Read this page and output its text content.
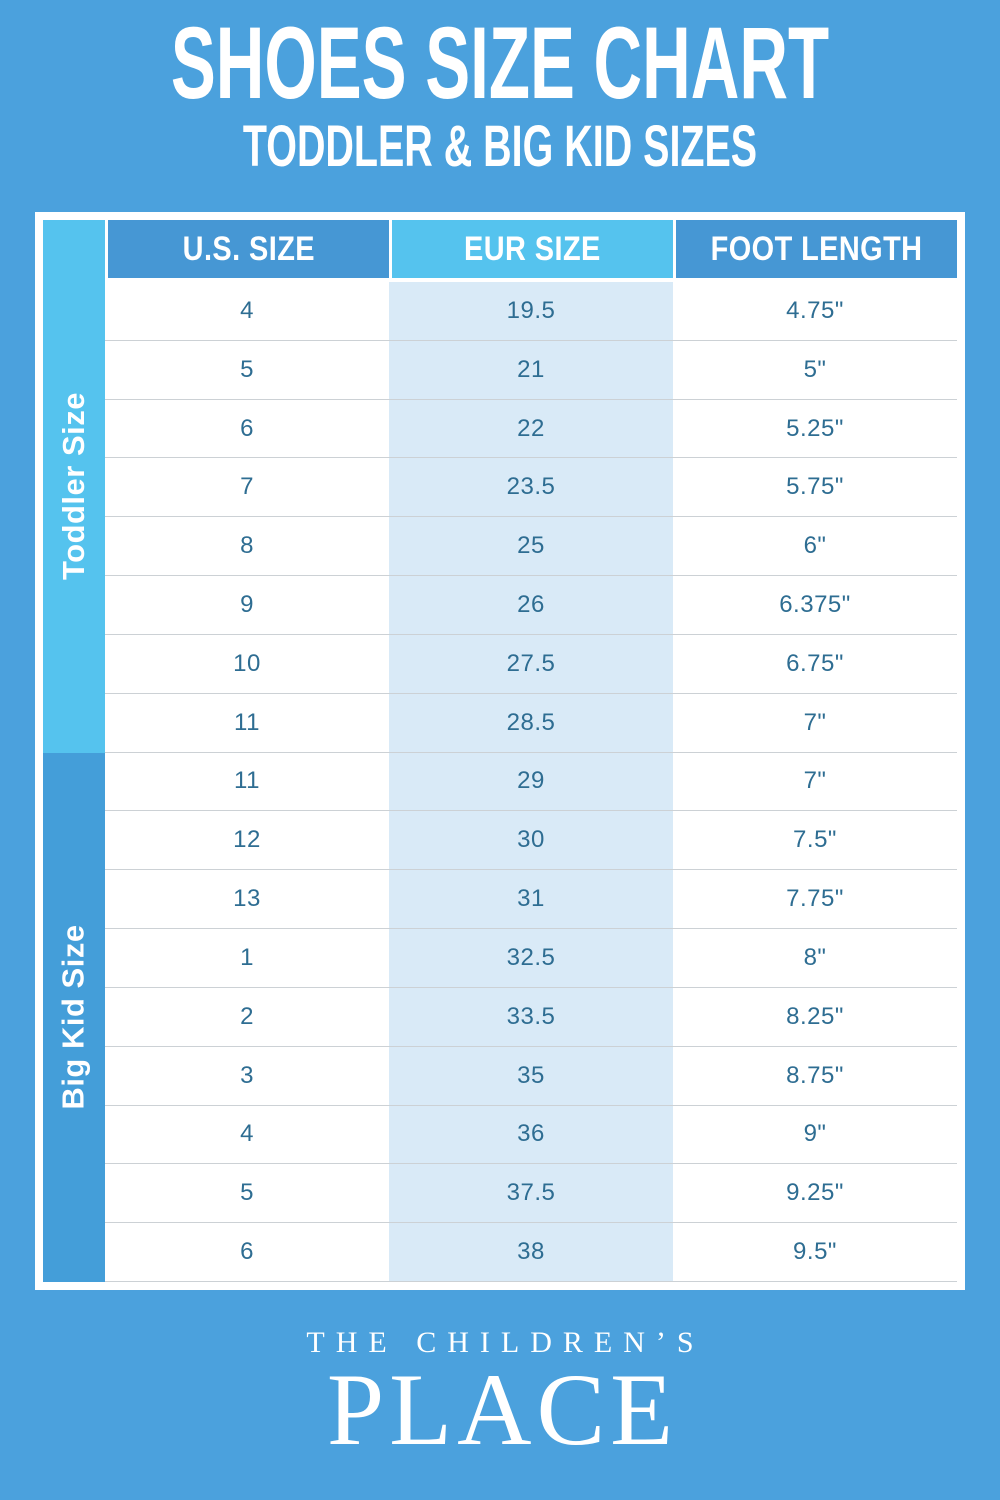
SHOES SIZE CHART
TODDLER & BIG KID SIZES
U.S. SIZE	EUR SIZE	FOOT LENGTH
Toddler Size
4	19.5	4.75"
5	21	5"
6	22	5.25"
7	23.5	5.75"
8	25	6"
9	26	6.375"
10	27.5	6.75"
11	28.5	7"
Big Kid Size
11	29	7"
12	30	7.5"
13	31	7.75"
1	32.5	8"
2	33.5	8.25"
3	35	8.75"
4	36	9"
5	37.5	9.25"
6	38	9.5"
THE CHILDREN’S
PLACE
